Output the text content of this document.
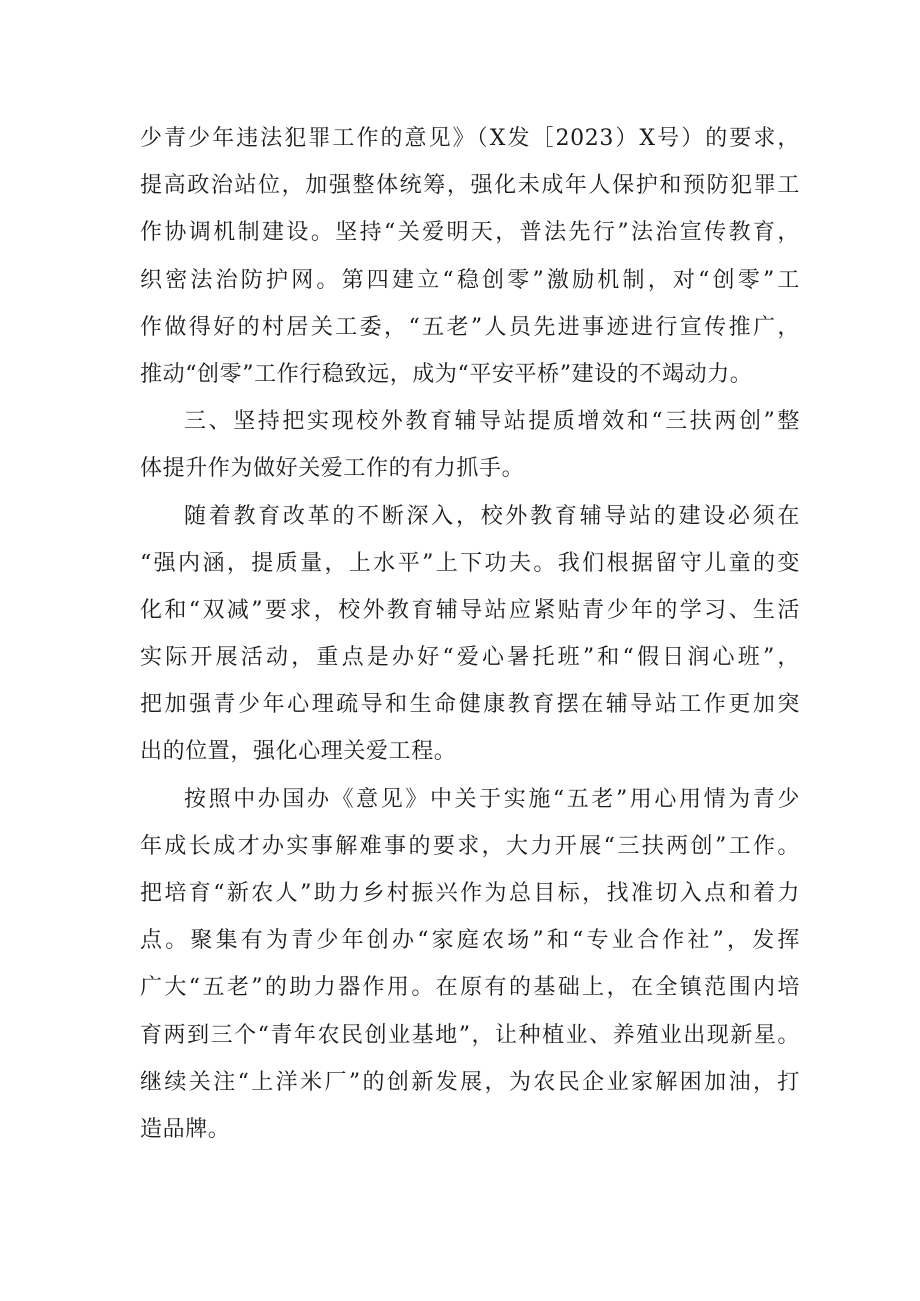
少青少年违法犯罪工作的意见》（X发［2023）X号）的要求，
提高政治站位，加强整体统筹，强化未成年人保护和预防犯罪工
作协调机制建设。坚持“关爱明天，普法先行”法治宣传教育，
织密法治防护网。第四建立“稳创零”激励机制，对“创零”工
作做得好的村居关工委，“五老”人员先进事迹进行宣传推广，
推动“创零”工作行稳致远，成为“平安平桥”建设的不竭动力。
三、坚持把实现校外教育辅导站提质增效和“三扶两创”整
体提升作为做好关爱工作的有力抓手。
随着教育改革的不断深入，校外教育辅导站的建设必须在
“强内涵，提质量，上水平”上下功夫。我们根据留守儿童的变
化和“双减”要求，校外教育辅导站应紧贴青少年的学习、生活
实际开展活动，重点是办好“爱心暑托班”和“假日润心班”，
把加强青少年心理疏导和生命健康教育摆在辅导站工作更加突
出的位置，强化心理关爱工程。
按照中办国办《意见》中关于实施“五老”用心用情为青少
年成长成才办实事解难事的要求，大力开展“三扶两创”工作。
把培育“新农人”助力乡村振兴作为总目标，找准切入点和着力
点。聚集有为青少年创办“家庭农场”和“专业合作社”，发挥
广大“五老”的助力器作用。在原有的基础上，在全镇范围内培
育两到三个“青年农民创业基地”，让种植业、养殖业出现新星。
继续关注“上洋米厂”的创新发展，为农民企业家解困加油，打
造品牌。
